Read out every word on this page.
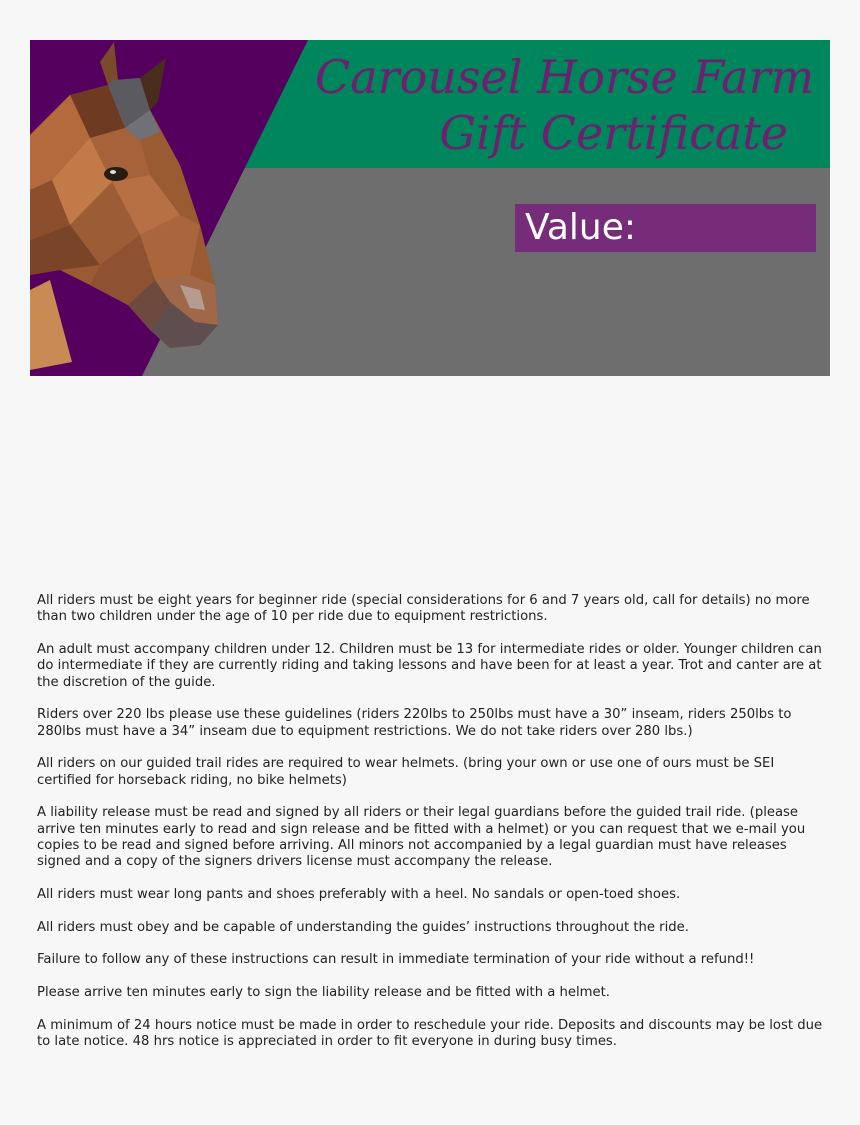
Carousel Horse Farm
Gift Certificate
Value:

All riders must be eight years for beginner ride (special considerations for 6 and 7 years old, call for details) no more than two children under the age of 10 per ride due to equipment restrictions.

An adult must accompany children under 12. Children must be 13 for intermediate rides or older. Younger children can do intermediate if they are currently riding and taking lessons and have been for at least a year. Trot and canter are at the discretion of the guide.

Riders over 220 lbs please use these guidelines (riders 220lbs to 250lbs must have a 30” inseam, riders 250lbs to 280lbs must have a 34” inseam due to equipment restrictions. We do not take riders over 280 lbs.)

All riders on our guided trail rides are required to wear helmets. (bring your own or use one of ours must be SEI certified for horseback riding, no bike helmets)

A liability release must be read and signed by all riders or their legal guardians before the guided trail ride. (please arrive ten minutes early to read and sign release and be fitted with a helmet) or you can request that we e-mail you copies to be read and signed before arriving. All minors not accompanied by a legal guardian must have releases signed and a copy of the signers drivers license must accompany the release.

All riders must wear long pants and shoes preferably with a heel. No sandals or open-toed shoes.

All riders must obey and be capable of understanding the guides’ instructions throughout the ride.

Failure to follow any of these instructions can result in immediate termination of your ride without a refund!!

Please arrive ten minutes early to sign the liability release and be fitted with a helmet.

A minimum of 24 hours notice must be made in order to reschedule your ride. Deposits and discounts may be lost due to late notice. 48 hrs notice is appreciated in order to fit everyone in during busy times.
